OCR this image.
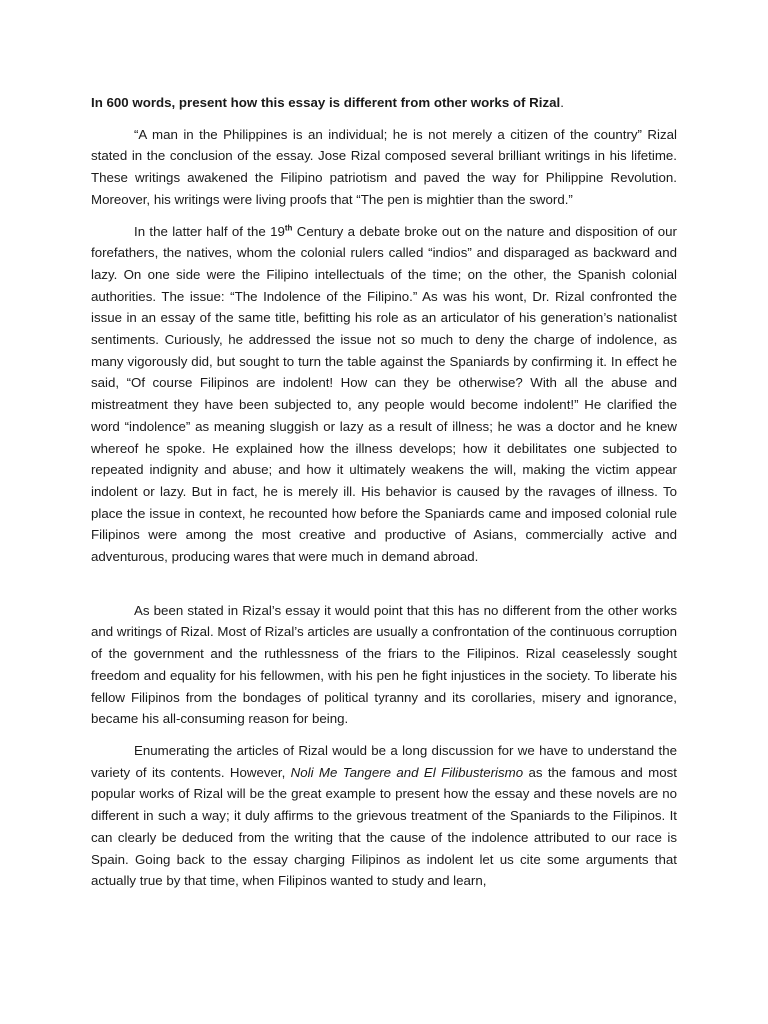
In 600 words, present how this essay is different from other works of Rizal.

“A man in the Philippines is an individual; he is not merely a citizen of the country” Rizal stated in the conclusion of the essay. Jose Rizal composed several brilliant writings in his lifetime. These writings awakened the Filipino patriotism and paved the way for Philippine Revolution. Moreover, his writings were living proofs that “The pen is mightier than the sword.”

In the latter half of the 19th Century a debate broke out on the nature and disposition of our forefathers, the natives, whom the colonial rulers called “indios” and disparaged as backward and lazy. On one side were the Filipino intellectuals of the time; on the other, the Spanish colonial authorities. The issue: “The Indolence of the Filipino.” As was his wont, Dr. Rizal confronted the issue in an essay of the same title, befitting his role as an articulator of his generation’s nationalist sentiments. Curiously, he addressed the issue not so much to deny the charge of indolence, as many vigorously did, but sought to turn the table against the Spaniards by confirming it. In effect he said, “Of course Filipinos are indolent! How can they be otherwise? With all the abuse and mistreatment they have been subjected to, any people would become indolent!” He clarified the word “indolence” as meaning sluggish or lazy as a result of illness; he was a doctor and he knew whereof he spoke. He explained how the illness develops; how it debilitates one subjected to repeated indignity and abuse; and how it ultimately weakens the will, making the victim appear indolent or lazy. But in fact, he is merely ill. His behavior is caused by the ravages of illness. To place the issue in context, he recounted how before the Spaniards came and imposed colonial rule Filipinos were among the most creative and productive of Asians, commercially active and adventurous, producing wares that were much in demand abroad.

As been stated in Rizal’s essay it would point that this has no different from the other works and writings of Rizal. Most of Rizal’s articles are usually a confrontation of the continuous corruption of the government and the ruthlessness of the friars to the Filipinos. Rizal ceaselessly sought freedom and equality for his fellowmen, with his pen he fight injustices in the society. To liberate his fellow Filipinos from the bondages of political tyranny and its corollaries, misery and ignorance, became his all-consuming reason for being.

Enumerating the articles of Rizal would be a long discussion for we have to understand the variety of its contents. However, Noli Me Tangere and El Filibusterismo as the famous and most popular works of Rizal will be the great example to present how the essay and these novels are no different in such a way; it duly affirms to the grievous treatment of the Spaniards to the Filipinos. It can clearly be deduced from the writing that the cause of the indolence attributed to our race is Spain. Going back to the essay charging Filipinos as indolent let us cite some arguments that actually true by that time, when Filipinos wanted to study and learn,
